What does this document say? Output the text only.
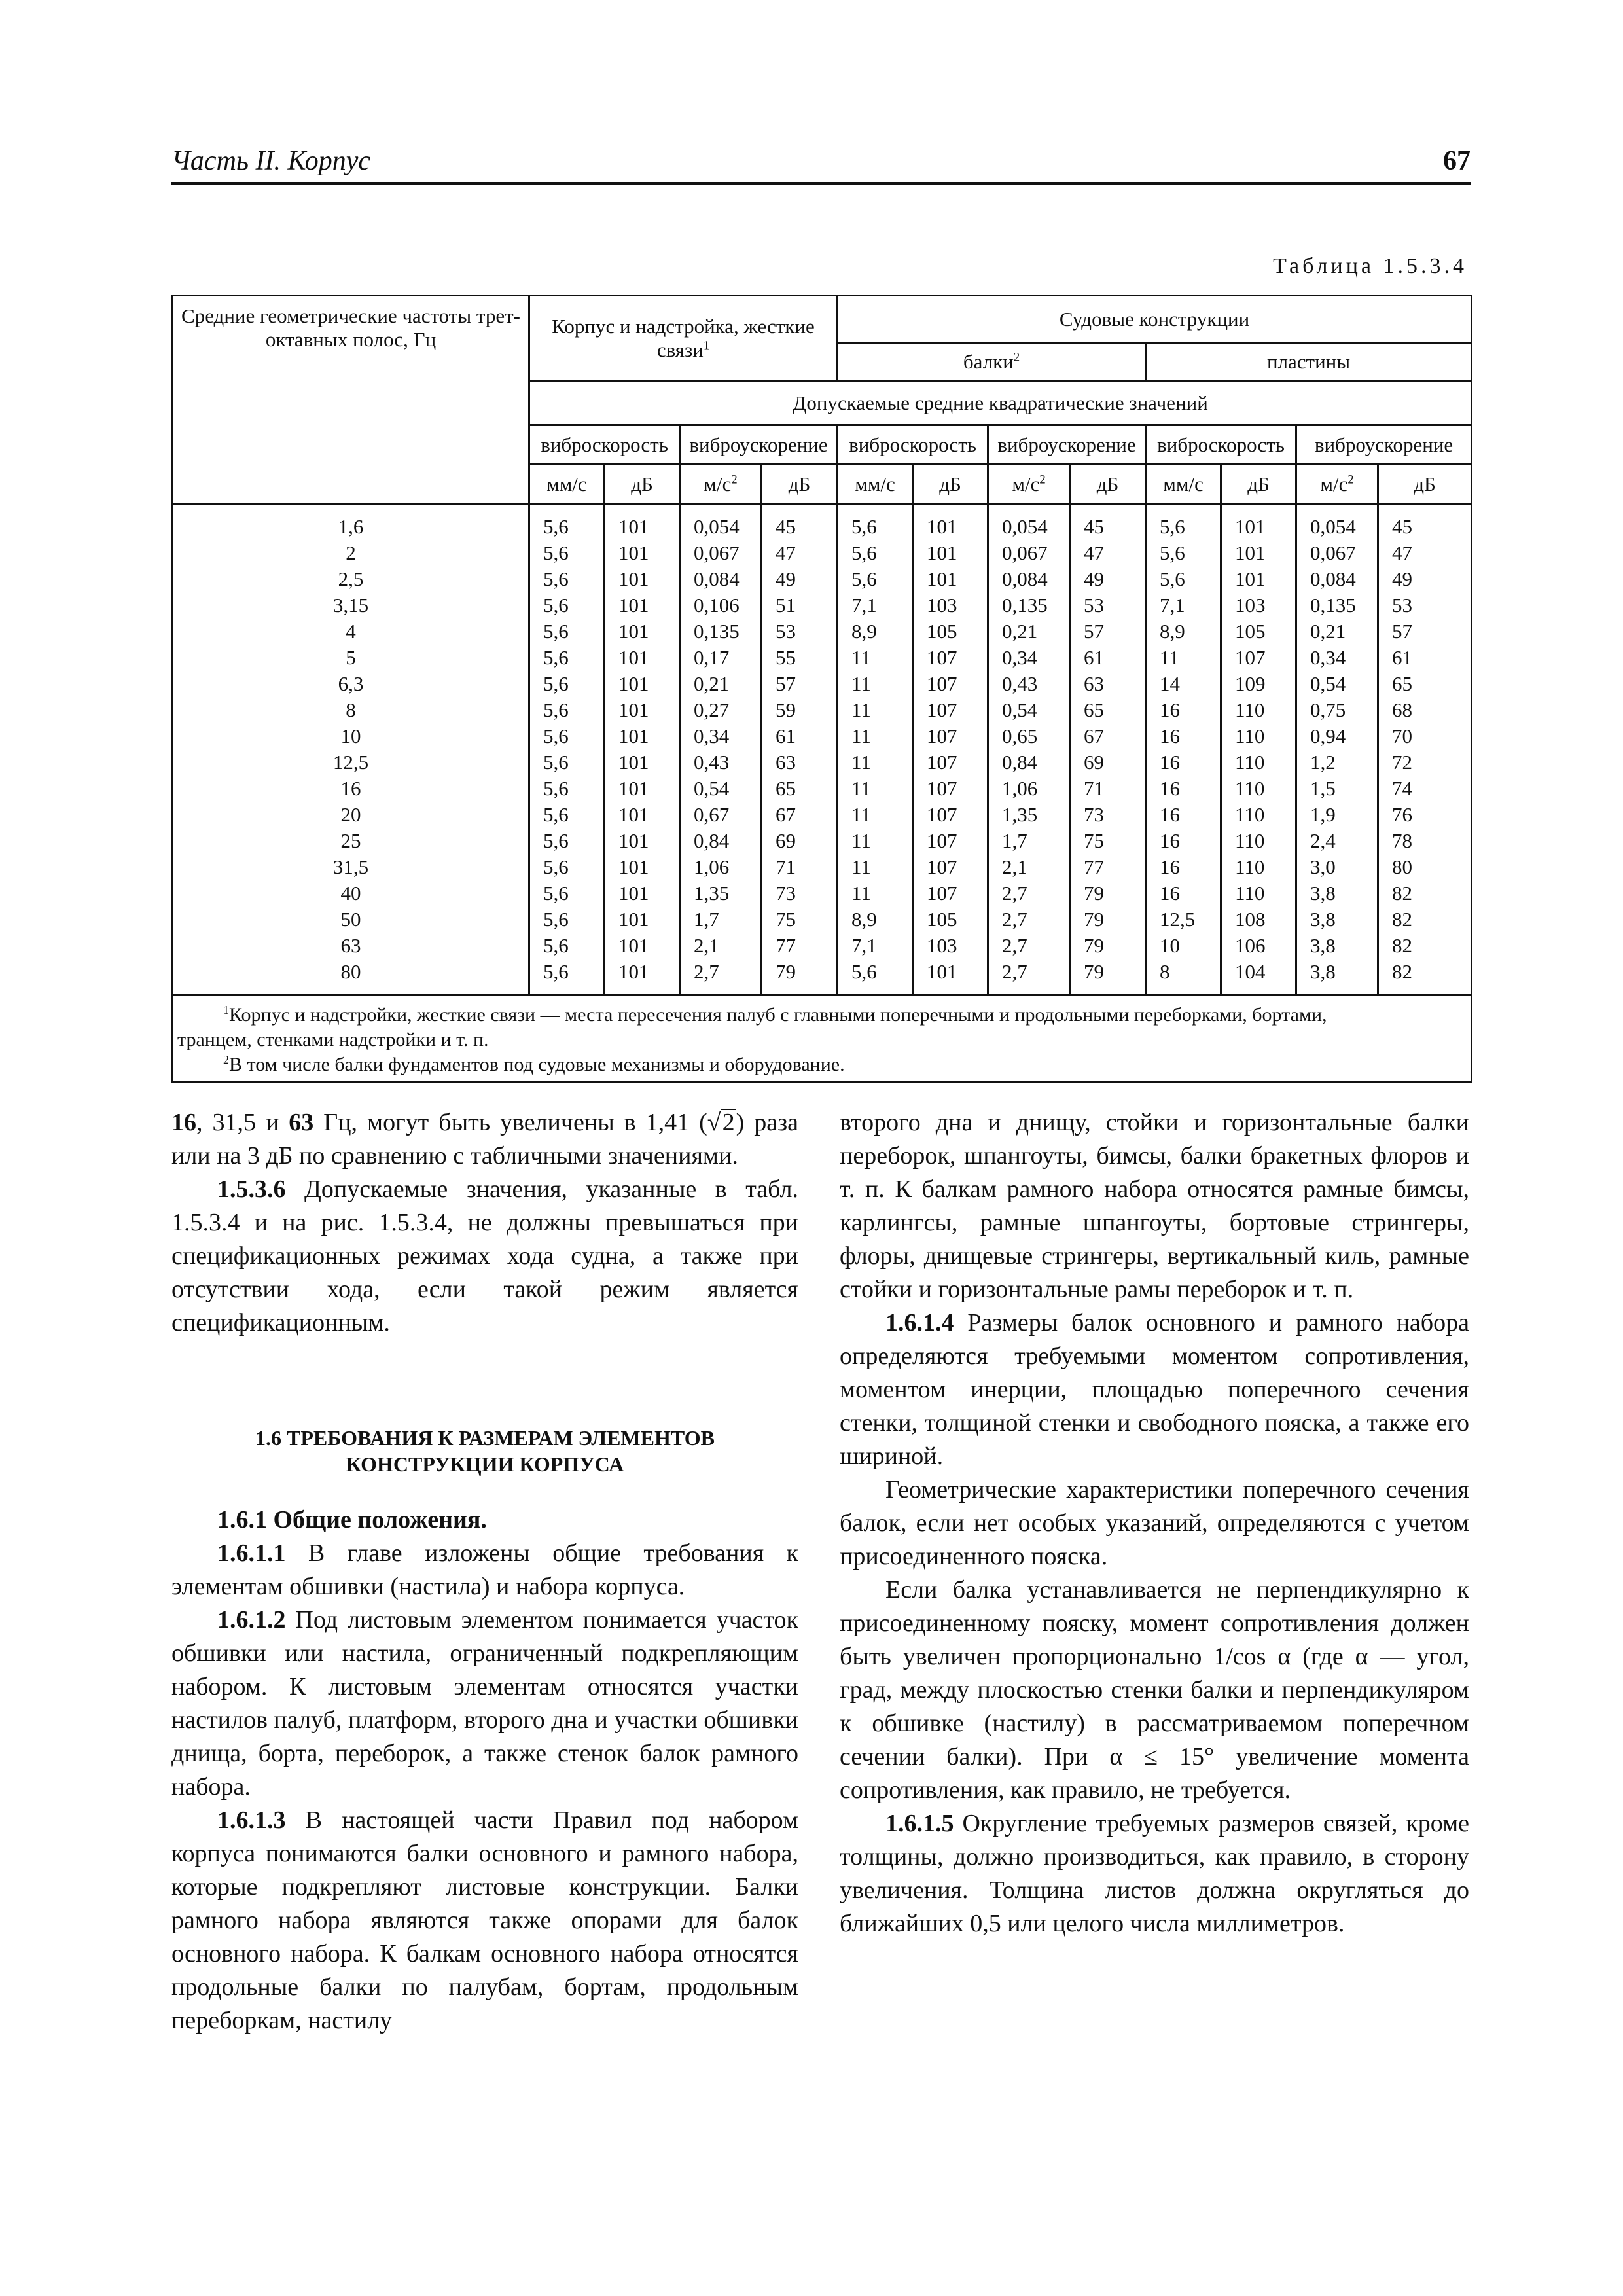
Часть II. Корпус	67
Таблица 1.5.3.4
Средние геометрические частоты трет-октавных полос, Гц	Корпус и надстройка, жесткие связи$^1$				Судовые конструкции							
					балки$^2$				пластины			
	Допускаемые средние квадратические значений											
	виброскорость		виброускорение		виброскорость		виброускорение		виброскорость		виброускорение	
	мм/с	дБ	$м/с^2$	дБ	мм/с	дБ	$м/с^2$	дБ	мм/с	дБ	$м/с^2$	дБ
1,6	5,6	101	0,054	45	5,6	101	0,054	45	5,6	101	0,054	45
2	5,6	101	0,067	47	5,6	101	0,067	47	5,6	101	0,067	47
2,5	5,6	101	0,084	49	5,6	101	0,084	49	5,6	101	0,084	49
3,15	5,6	101	0,106	51	7,1	103	0,135	53	7,1	103	0,135	53
4	5,6	101	0,135	53	8,9	105	0,21	57	8,9	105	0,21	57
5	5,6	101	0,17	55	11	107	0,34	61	11	107	0,34	61
6,3	5,6	101	0,21	57	11	107	0,43	63	14	109	0,54	65
8	5,6	101	0,27	59	11	107	0,54	65	16	110	0,75	68
10	5,6	101	0,34	61	11	107	0,65	67	16	110	0,94	70
12,5	5,6	101	0,43	63	11	107	0,84	69	16	110	1,2	72
16	5,6	101	0,54	65	11	107	1,06	71	16	110	1,5	74
20	5,6	101	0,67	67	11	107	1,35	73	16	110	1,9	76
25	5,6	101	0,84	69	11	107	1,7	75	16	110	2,4	78
31,5	5,6	101	1,06	71	11	107	2,1	77	16	110	3,0	80
40	5,6	101	1,35	73	11	107	2,7	79	16	110	3,8	82
50	5,6	101	1,7	75	8,9	105	2,7	79	12,5	108	3,8	82
63	5,6	101	2,1	77	7,1	103	2,7	79	10	106	3,8	82
80	5,6	101	2,7	79	5,6	101	2,7	79	8	104	3,8	82

$^1$Корпус и надстройки, жесткие связи — места пересечения палуб с главными поперечными и продольными переборками, бортами,
транцем, стенками надстройки и т. п.
$^2$В том числе балки фундаментов под судовые механизмы и оборудование.												

16, 31,5 и 63 Гц, могут быть увеличены в 1,41 (√2) раза или на 3 дБ по сравнению с табличными значениями.

1.5.3.6 Допускаемые значения, указанные в табл. 1.5.3.4 и на рис. 1.5.3.4, не должны превышаться при спецификационных режимах хода судна, а также при отсутствии хода, если такой режим является спецификационным.

1.6 ТРЕБОВАНИЯ К РАЗМЕРАМ ЭЛЕМЕНТОВ
КОНСТРУКЦИИ КОРПУСА

1.6.1 Общие положения.

1.6.1.1 В главе изложены общие требования к элементам обшивки (настила) и набора корпуса.

1.6.1.2 Под листовым элементом понимается участок обшивки или настила, ограниченный подкрепляющим набором. К листовым элементам относятся участки настилов палуб, платформ, второго дна и участки обшивки днища, борта, переборок, а также стенок балок рамного набора.

1.6.1.3 В настоящей части Правил под набором корпуса понимаются балки основного и рамного набора, которые подкрепляют листовые конструкции. Балки рамного набора являются также опорами для балок основного набора. К балкам основного набора относятся продольные балки по палубам, бортам, продольным переборкам, настилу

второго дна и днищу, стойки и горизонтальные балки переборок, шпангоуты, бимсы, балки бракетных флоров и т. п. К балкам рамного набора относятся рамные бимсы, карлингсы, рамные шпангоуты, бортовые стрингеры, флоры, днищевые стрингеры, вертикальный киль, рамные стойки и горизонтальные рамы переборок и т. п.

1.6.1.4 Размеры балок основного и рамного набора определяются требуемыми моментом сопротивления, моментом инерции, площадью поперечного сечения стенки, толщиной стенки и свободного пояска, а также его шириной.

Геометрические характеристики поперечного сечения балок, если нет особых указаний, определяются с учетом присоединенного пояска.

Если балка устанавливается не перпендикулярно к присоединенному пояску, момент сопротивления должен быть увеличен пропорционально 1/cos α (где α — угол, град, между плоскостью стенки балки и перпендикуляром к обшивке (настилу) в рассматриваемом поперечном сечении балки). При α ≤ 15° увеличение момента сопротивления, как правило, не требуется.

1.6.1.5 Округление требуемых размеров связей, кроме толщины, должно производиться, как правило, в сторону увеличения. Толщина листов должна округляться до ближайших 0,5 или целого числа миллиметров.
